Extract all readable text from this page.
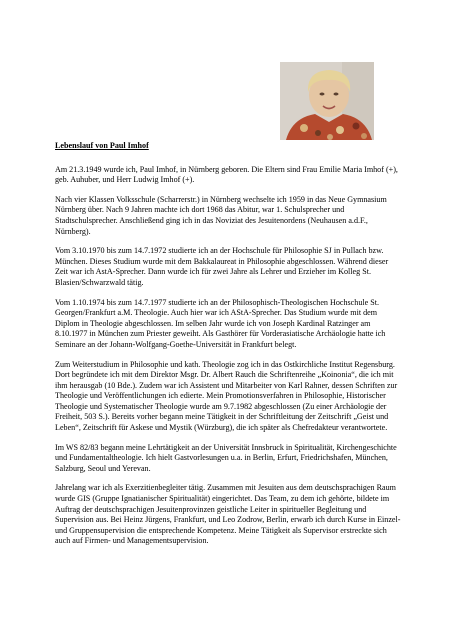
Lebenslauf von Paul Imhof

Am 21.3.1949 wurde ich, Paul Imhof, in Nürnberg geboren. Die Eltern sind Frau Emilie Maria Imhof (+), geb. Auhuber, und Herr Ludwig Imhof (+).

Nach vier Klassen Volksschule (Scharrerstr.) in Nürnberg wechselte ich 1959 in das Neue Gymnasium Nürnberg über. Nach 9 Jahren machte ich dort 1968 das Abitur, war 1. Schulsprecher und Stadtschulsprecher. Anschließend ging ich in das Noviziat des Jesuitenordens (Neuhausen a.d.F., Nürnberg).

Vom 3.10.1970 bis zum 14.7.1972 studierte ich an der Hochschule für Philosophie SJ in Pullach bzw. München. Dieses Studium wurde mit dem Bakkalaureat in Philosophie abgeschlossen. Während dieser Zeit war ich AstA-Sprecher. Dann wurde ich für zwei Jahre als Lehrer und Erzieher im Kolleg St. Blasien/Schwarzwald tätig.

Vom 1.10.1974 bis zum 14.7.1977 studierte ich an der Philosophisch-Theologischen Hochschule St. Georgen/Frankfurt a.M. Theologie. Auch hier war ich AStA-Sprecher. Das Studium wurde mit dem Diplom in Theologie abgeschlossen. Im selben Jahr wurde ich von Joseph Kardinal Ratzinger am 8.10.1977 in München zum Priester geweiht. Als Gasthörer für Vorderasiatische Archäologie hatte ich Seminare an der Johann-Wolfgang-Goethe-Universität in Frankfurt belegt.

Zum Weiterstudium in Philosophie und kath. Theologie zog ich in das Ostkirchliche Institut Regensburg. Dort begründete ich mit dem Direktor Msgr. Dr. Albert Rauch die Schriftenreihe „Koinonia“, die ich mit ihm herausgab (10 Bde.). Zudem war ich Assistent und Mitarbeiter von Karl Rahner, dessen Schriften zur Theologie und Veröffentlichungen ich edierte. Mein Promotionsverfahren in Philosophie, Historischer Theologie und Systematischer Theologie wurde am 9.7.1982 abgeschlossen (Zu einer Archäologie der Freiheit, 503 S.). Bereits vorher begann meine Tätigkeit in der Schriftleitung der Zeitschrift „Geist und Leben“, Zeitschrift für Askese und Mystik (Würzburg), die ich später als Chefredakteur verantwortete.

Im WS 82/83 begann meine Lehrtätigkeit an der Universität Innsbruck in Spiritualität, Kirchengeschichte und Fundamentaltheologie. Ich hielt Gastvorlesungen u.a. in Berlin, Erfurt, Friedrichshafen, München, Salzburg, Seoul und Yerevan.

Jahrelang war ich als Exerzitienbegleiter tätig. Zusammen mit Jesuiten aus dem deutschsprachigen Raum wurde GIS (Gruppe Ignatianischer Spiritualität) eingerichtet. Das Team, zu dem ich gehörte, bildete im Auftrag der deutschsprachigen Jesuitenprovinzen geistliche Leiter in spiritueller Begleitung und Supervision aus. Bei Heinz Jürgens, Frankfurt, und Leo Zodrow, Berlin, erwarb ich durch Kurse in Einzel- und Gruppensupervision die entsprechende Kompetenz. Meine Tätigkeit als Supervisor erstreckte sich auch auf Firmen- und Managementsupervision.
